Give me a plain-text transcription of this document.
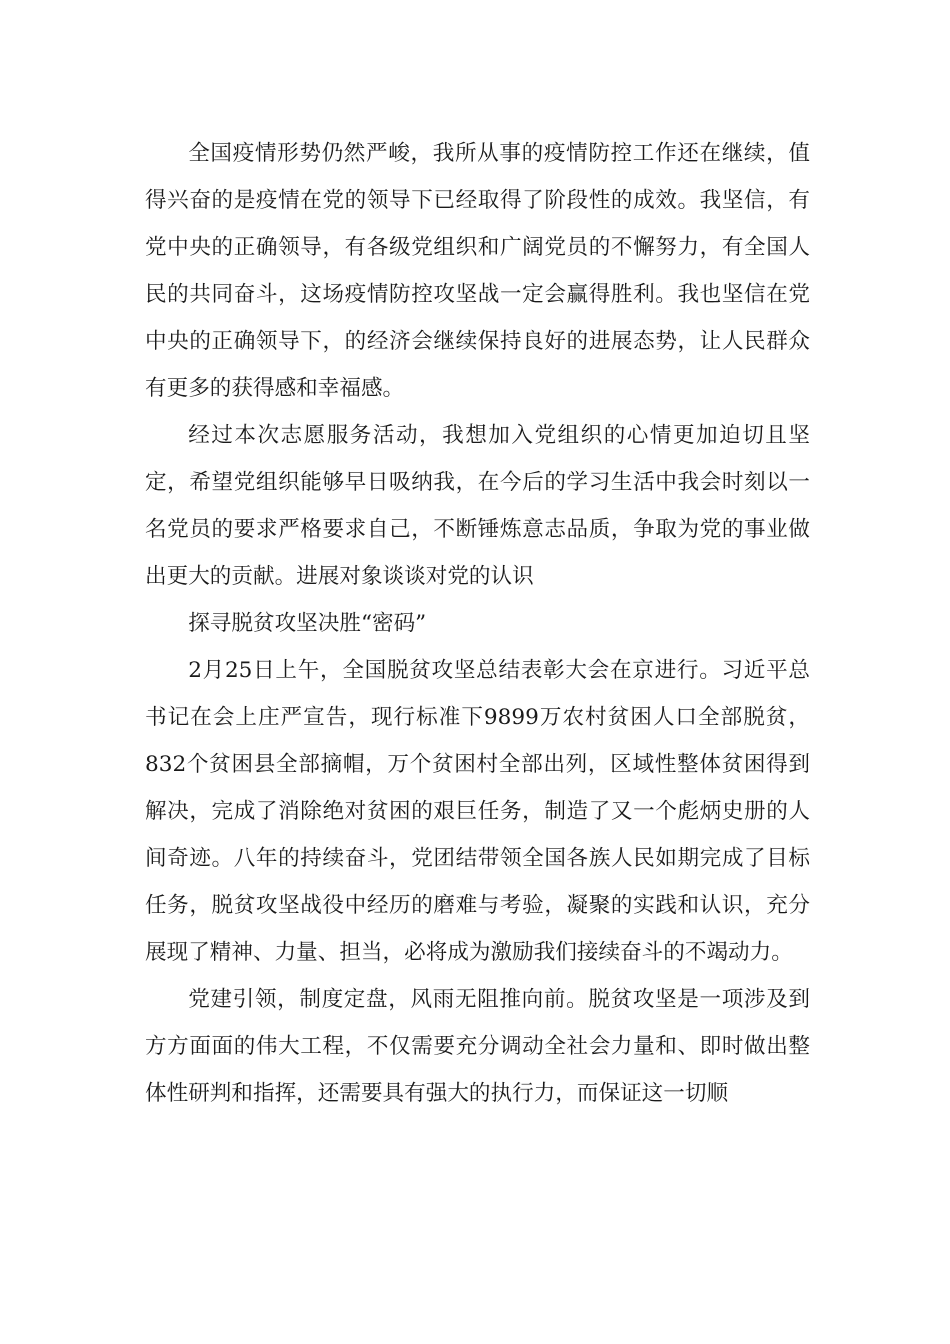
全国疫情形势仍然严峻，我所从事的疫情防控工作还在继续，值得兴奋的是疫情在党的领导下已经取得了阶段性的成效。我坚信，有党中央的正确领导，有各级党组织和广阔党员的不懈努力，有全国人民的共同奋斗，这场疫情防控攻坚战一定会赢得胜利。我也坚信在党中央的正确领导下，的经济会继续保持良好的进展态势，让人民群众有更多的获得感和幸福感。

经过本次志愿服务活动，我想加入党组织的心情更加迫切且坚定，希望党组织能够早日吸纳我，在今后的学习生活中我会时刻以一名党员的要求严格要求自己，不断锤炼意志品质，争取为党的事业做出更大的贡献。进展对象谈谈对党的认识

探寻脱贫攻坚决胜“密码”

2月25日上午，全国脱贫攻坚总结表彰大会在京进行。习近平总书记在会上庄严宣告，现行标准下9899万农村贫困人口全部脱贫，832个贫困县全部摘帽，万个贫困村全部出列，区域性整体贫困得到解决，完成了消除绝对贫困的艰巨任务，制造了又一个彪炳史册的人间奇迹。八年的持续奋斗，党团结带领全国各族人民如期完成了目标任务，脱贫攻坚战役中经历的磨难与考验，凝聚的实践和认识，充分展现了精神、力量、担当，必将成为激励我们接续奋斗的不竭动力。

党建引领，制度定盘，风雨无阻推向前。脱贫攻坚是一项涉及到方方面面的伟大工程，不仅需要充分调动全社会力量和、即时做出整体性研判和指挥，还需要具有强大的执行力，而保证这一切顺
